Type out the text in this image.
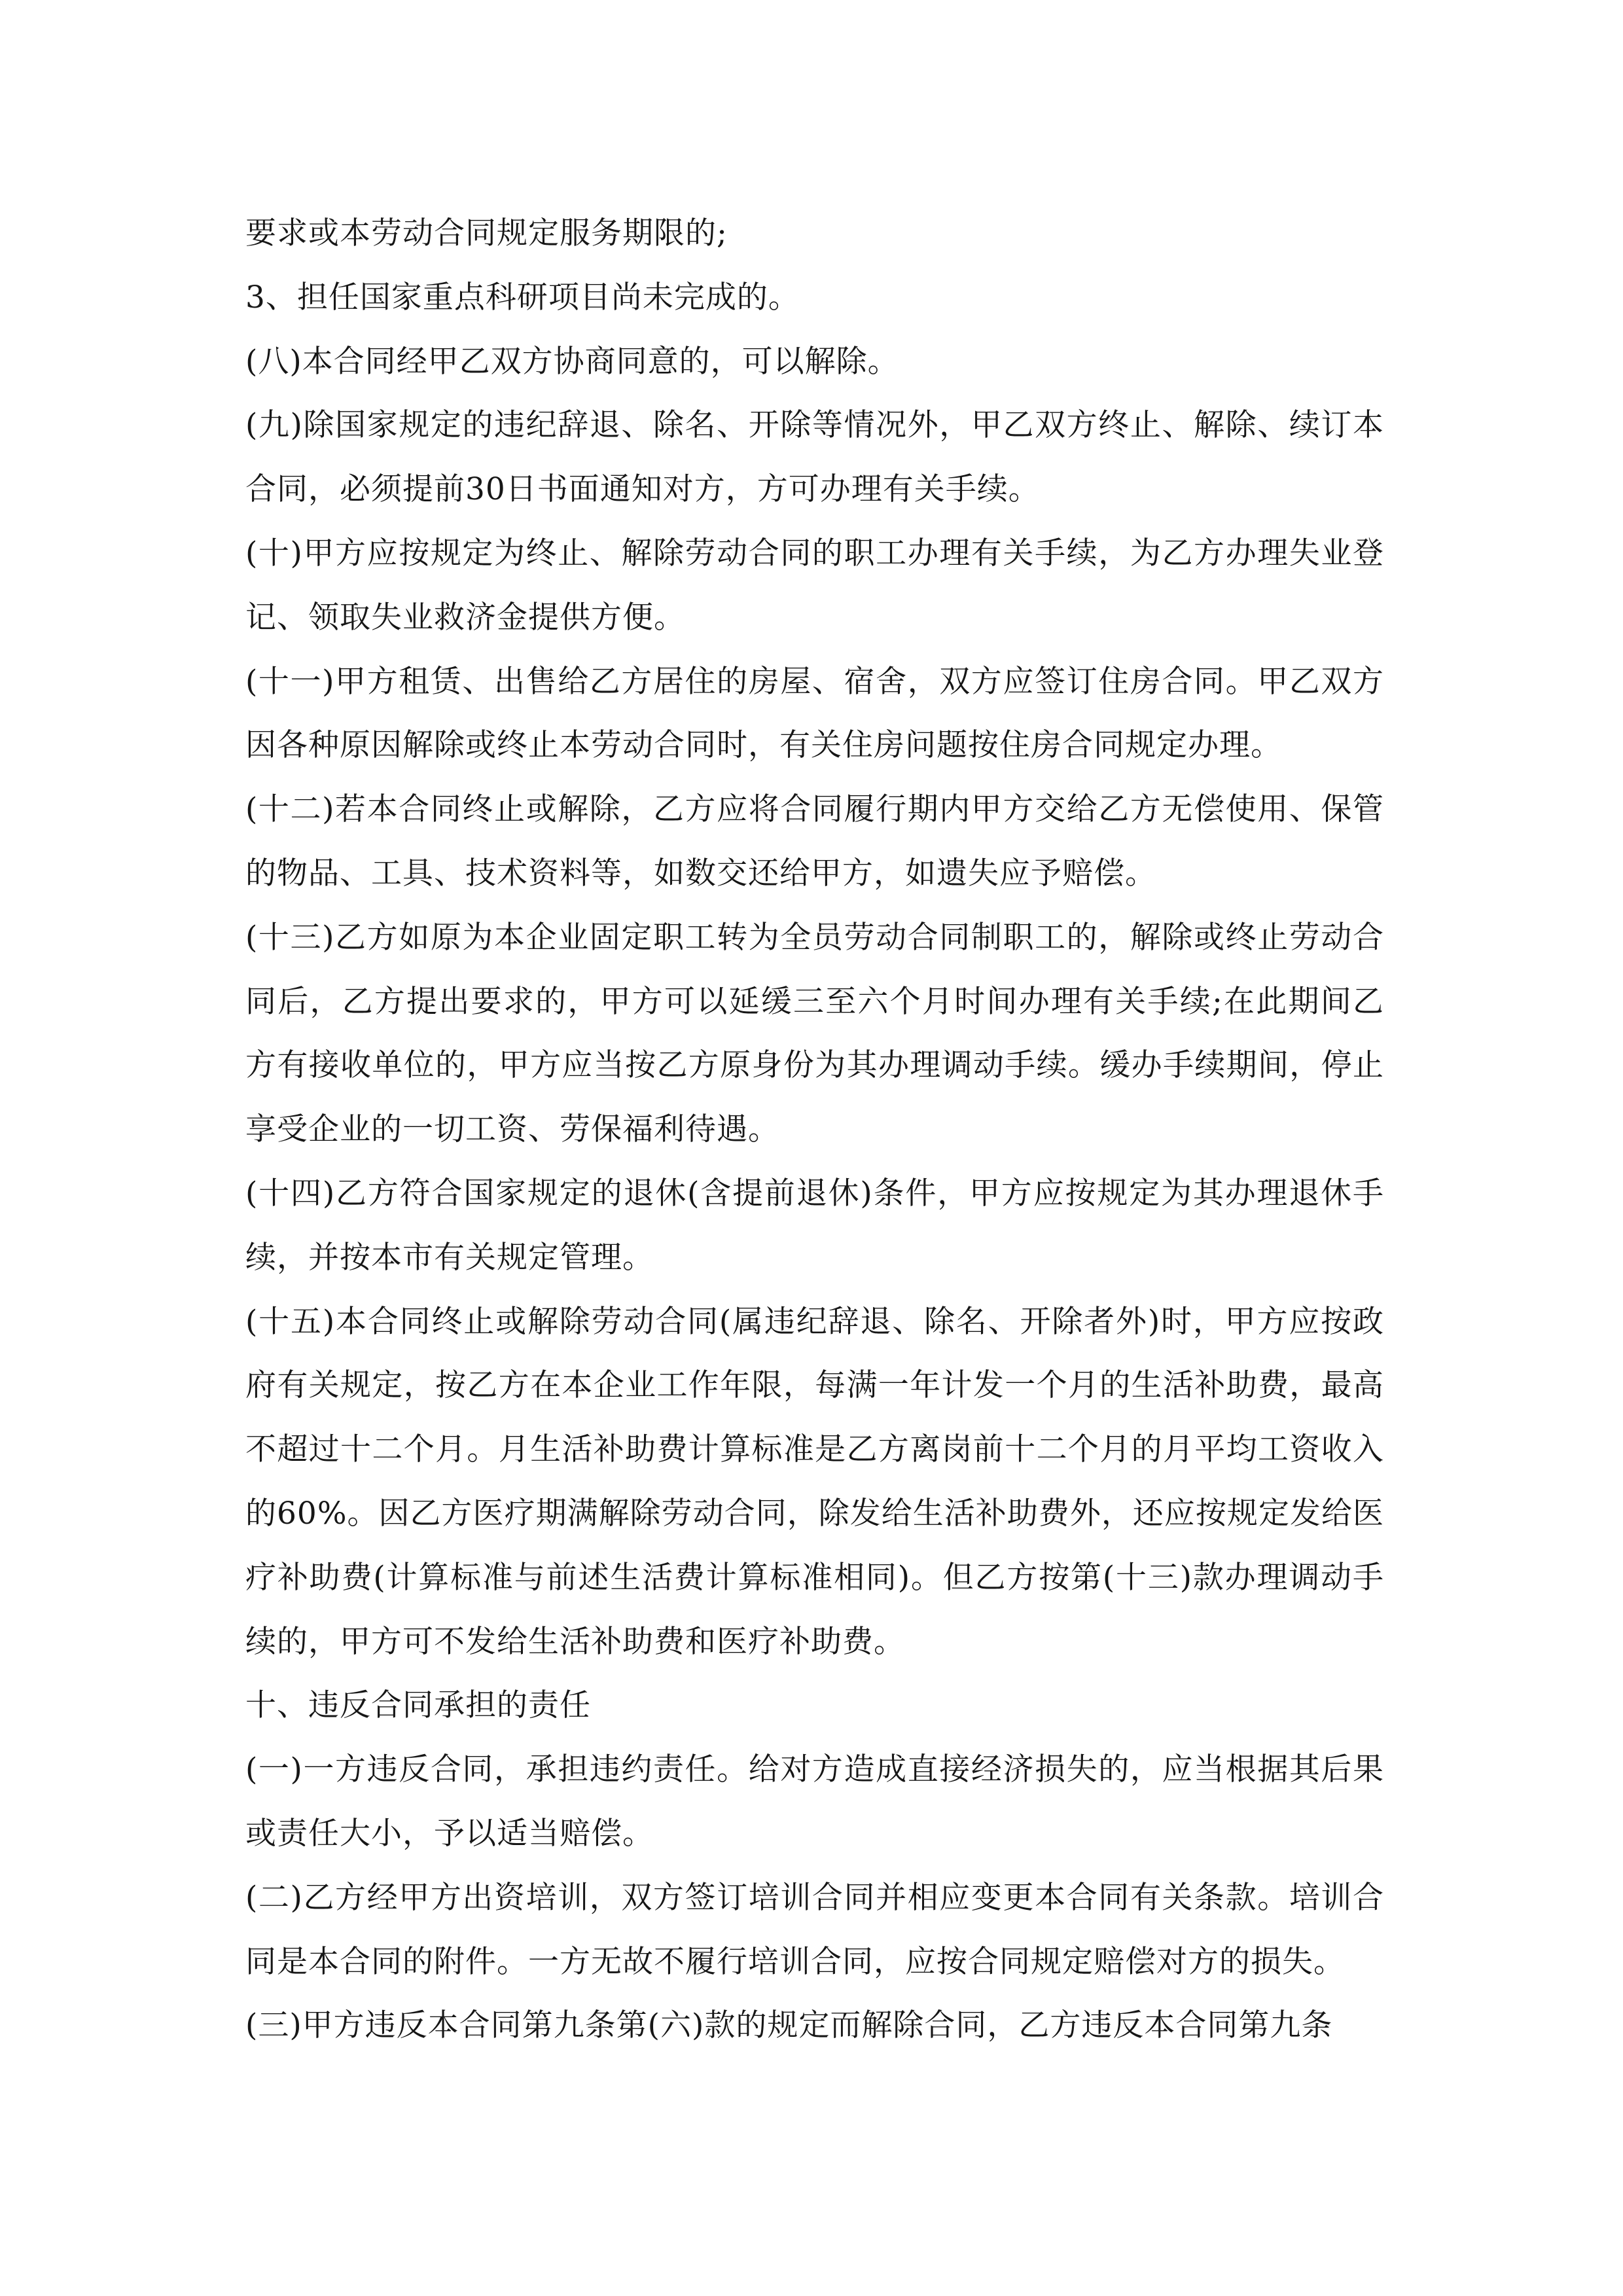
要求或本劳动合同规定服务期限的;

3、担任国家重点科研项目尚未完成的。

(八)本合同经甲乙双方协商同意的，可以解除。

(九)除国家规定的违纪辞退、除名、开除等情况外，甲乙双方终止、解除、续订本合同，必须提前30日书面通知对方，方可办理有关手续。

(十)甲方应按规定为终止、解除劳动合同的职工办理有关手续，为乙方办理失业登记、领取失业救济金提供方便。

(十一)甲方租赁、出售给乙方居住的房屋、宿舍，双方应签订住房合同。甲乙双方因各种原因解除或终止本劳动合同时，有关住房问题按住房合同规定办理。

(十二)若本合同终止或解除，乙方应将合同履行期内甲方交给乙方无偿使用、保管的物品、工具、技术资料等，如数交还给甲方，如遗失应予赔偿。

(十三)乙方如原为本企业固定职工转为全员劳动合同制职工的，解除或终止劳动合同后，乙方提出要求的，甲方可以延缓三至六个月时间办理有关手续;在此期间乙方有接收单位的，甲方应当按乙方原身份为其办理调动手续。缓办手续期间，停止享受企业的一切工资、劳保福利待遇。

(十四)乙方符合国家规定的退休(含提前退休)条件，甲方应按规定为其办理退休手续，并按本市有关规定管理。

(十五)本合同终止或解除劳动合同(属违纪辞退、除名、开除者外)时，甲方应按政府有关规定，按乙方在本企业工作年限，每满一年计发一个月的生活补助费，最高不超过十二个月。月生活补助费计算标准是乙方离岗前十二个月的月平均工资收入的60%。因乙方医疗期满解除劳动合同，除发给生活补助费外，还应按规定发给医疗补助费(计算标准与前述生活费计算标准相同)。但乙方按第(十三)款办理调动手续的，甲方可不发给生活补助费和医疗补助费。

十、违反合同承担的责任

(一)一方违反合同，承担违约责任。给对方造成直接经济损失的，应当根据其后果或责任大小，予以适当赔偿。

(二)乙方经甲方出资培训，双方签订培训合同并相应变更本合同有关条款。培训合同是本合同的附件。一方无故不履行培训合同，应按合同规定赔偿对方的损失。

(三)甲方违反本合同第九条第(六)款的规定而解除合同，乙方违反本合同第九条
